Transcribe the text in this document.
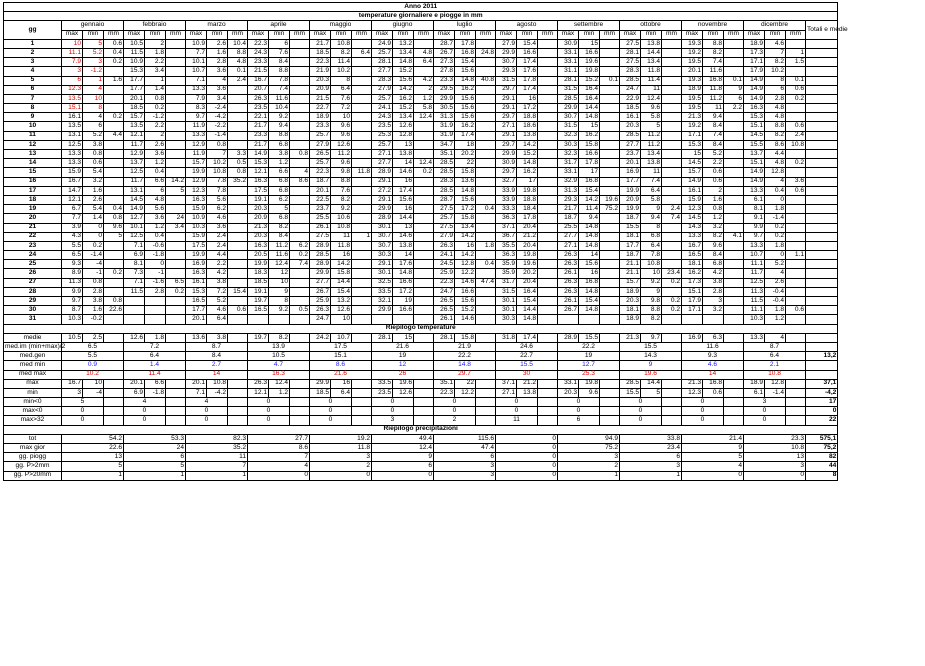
Anno 2011																																					
temperature giornaliere e piogge in mm																																					
gg	gennaio			febbraio			marzo			aprile			maggio			giugno			luglio			agosto			settembre			ottobre			novembre			dicembre			Totali e medie
	max	min	mm	max	min	mm	max	min	mm	max	min	mm	max	min	mm	max	min	mm	max	min	mm	max	min	mm	max	min	mm	max	min	mm	max	min	mm	max	min	mm	
1	10	5	0.6	10.5	2		10.9	2.6	10.4	22.3	6		21.7	10.8		24.9	13.2		28.7	17.8		27.9	15.4		30.9	15		27.5	13.8		19.3	8.8		18.9	4.6		
2	11.1	5.2	0.4	11.5	1.8		7.7	1.6	8.8	24.3	7.6		18.5	8.2	6.4	25.7	13.4	4.8	26.7	16.8	24.8	29.9	16.6		33.1	16.6		28.1	14.4		19.2	8.2		17.3	7	1	
3	7.9	3	0.2	10.9	2.2		10.1	2.8	4.8	23.3	8.4		22.3	11.4		28.1	14.8	6.4	27.3	15.4		30.7	17.4		33.1	19.6		27.5	13.4		19.5	7.4		17.1	8.2	1.5	
4	3	-1.2		15.3	3.4		10.7	3.6	0.1	21.5	8.8		21.9	10.2		27.7	15.2		27.8	15.6		29.3	17.6		31.1	19.8		28.3	11.8		20.1	11.6		17.9	10.2		
5	6	1	1.6	17.7	1		7.1	4	2.4	16.7	7.8		20.3	8		28.3	15.6	4.2	23.3	14.8	40.8	31.5	17.8		28.1	15.2	0.1	28.5	11.4		19.3	16.8	0.1	14.9	8	0.1	
6	12.3	4		17.7	1.4		13.3	3.6		20.7	7.4		20.9	6.4		27.9	14.2	2	29.5	16.2		29.7	17.4		31.5	16.4		24.7	11		18.9	11.8	9	14.9	6	0.6	
7	13.5	10		20.1	0.8		7.9	3.4		26.3	11.6		21.5	7.6		25.7	16.2	1.2	29.9	15.6		29.1	16		28.5	16.4		22.9	12.4		19.5	11.2	6	14.9	2.8	0.2	
8	15.1	8		18.5	0.2		8.3	-2.4		23.5	10.4		22.7	7.2		24.1	15.2	5.8	30.5	15.6		29.1	17.2		29.9	14.4		18.5	9.6		19.5	11	2.2	16.3	4.8		
9	16.1	4	0.2	15.7	-1.2		9.7	-4.2		22.1	9.2		18.9	10		24.3	13.4	12.4	31.3	15.6		29.7	18.8		30.7	14.8		16.1	5.8		21.3	9.4		15.3	4.8		
10	13.5	6		13.5	2.2		11.9	-2.2		21.7	9.4		23.3	9.6		23.5	12.6		31.9	16.2		27.1	18.6		31.5	15		20.3	5		19.2	8.4		15.1	8.8	0.6	
11	13.1	5.2	4.4	12.1	2		13.3	-1.4		23.3	8.8		25.7	9.6		25.3	12.8		31.9	17.4		29.1	13.8		32.3	16.2		28.5	11.2		17.1	7.4		14.5	8.2	2.4	
12	12.5	3.8		11.7	2.6		12.9	0.8		21.7	6.8		27.9	12.6		25.7	13		34.7	18		29.7	14.2		30.3	15.8		27.7	11.2		15.3	8.4		15.5	8.6	10.8	
13	13.3	0.8		12.9	3.6		11.9	7	3.3	14.9	3.8	0.8	26.5	11.2		27.1	13.8		35.1	20.2		29.9	15.2		32.3	16.6		23.7	13.4		15	5.2		13.7	4.4		
14	13.3	0.6		13.7	1.2		15.7	10.2	0.5	15.3	1.2		25.7	9.6		27.7	14	12.4	28.5	22		30.9	14.8		31.7	17.8		20.1	13.8		14.5	2.2		15.1	4.8	0.2	
15	15.9	5.4		12.5	0.4		19.9	10.8	0.8	12.1	6.6	4	22.3	9.8	11.8	28.9	14.6	0.2	28.5	15.8		29.7	16.2		33.1	17		16.9	11		15.7	0.6		14.9	12.8		
16	16.7	3.2		11.7	6.6	14.2	12.9	7.8	35.2	16.3	6.8	8.6	18.7	8.8		29.1	16		28.3	13.6		32.7	17		32.9	16.8		17.7	7.4		14.9	0.6		14.9	4	3.6	
17	14.7	1.6		13.1	6	5	12.3	7.8		17.5	6.8		20.1	7.6		27.2	17.4		28.5	14.8		33.9	19.8		31.3	15.4		19.9	6.4		16.1	2		13.3	0.4	0.6	
18	12.1	2.6		14.5	4.8		16.3	5.6		19.1	6.2		22.5	8.2		29.1	15.6		28.7	15.6		33.9	18.8		29.3	14.2	19.6	20.9	5.8		15.9	1.6		6.1	0		
19	6.7	5.4	0.4	14.9	5.6		15.9	6.2		20.3	5		23.7	9.2		29.9	16		27.5	17.2	0.4	33.3	18.4		21.7	11.4	75.2	19.9	9	2.4	12.3	0.8		8.1	1.8		
20	7.7	1.4	0.8	12.7	3.6	24	10.9	4.6		20.9	6.8		25.5	10.6		28.9	14.4		25.7	15.8		36.3	17.8		18.7	9.4		18.7	9.4	7.4	14.5	1.2		9.1	-1.4		
21	3.9	0	9.6	10.1	1.2	3.4	10.3	3.6		21.3	8.2		26.1	10.8		30.1	13		27.5	13.4		37.1	20.4		25.5	14.8		15.5	8		14.3	3.2		9.9	0.2		
22	4.3	0	5	12.5	0.4		15.9	2.4		20.3	8.4		27.5	11	1	30.7	14.6		27.9	14.2		36.7	21.2		27.7	14.8		18.1	6.8		13.3	8.2	4.1	9.7	0.2		
23	5.5	0.2		7.1	-0.6		17.5	2.4		16.3	11.2	6.2	28.9	11.8		30.7	13.8		26.3	16	1.8	35.5	20.4		27.1	14.8		17.7	6.4		16.7	9.6		13.3	1.8		
24	6.5	-1.4		6.9	-1.8		19.9	4.4		20.5	11.6	0.2	28.5	16		30.3	14		24.1	14.2		36.3	19.8		26.3	14		18.7	7.8		16.5	8.4		10.7	0	1.1	
25	9.3	-4		8.1	0		16.9	2.2		19.9	12.4	7.4	28.9	14.2		29.1	17.6		24.5	12.8	0.4	35.9	19.6		26.3	15.6		21.1	10.8		18.1	6.8		11.1	5.2		
26	8.9	-1	0.2	7.3	-1		16.3	4.2		18.3	12		29.9	15.8		30.1	14.8		25.9	12.2		35.9	20.2		26.1	16		21.1	10	23.4	16.2	4.2		11.7	4		
27	11.3	0.8		7.1	-1.6	6.5	16.1	3.8		18.5	10		27.7	14.4		32.5	16.6		22.3	14.6	47.4	31.7	20.4		26.3	16.8		15.7	9.2	0.2	17.3	3.8		12.5	2.6		
28	9.9	2.8		11.5	2.8	0.2	15.3	7.2	15.4	19.1	9		26.7	15.4		33.5	17.2		24.7	16.6		31.5	16.4		26.3	14.8		18.9	9		15.1	2.8		11.3	-0.4		
29	9.7	3.8	0.8				16.5	5.2		19.7	8		25.9	13.2		32.1	19		26.5	15.6		30.1	15.4		26.1	15.4		20.3	9.8	0.2	17.9	3		11.5	-0.4		
30	8.7	1.6	22.6				17.7	4.6	0.6	16.5	9.2	0.5	26.3	12.6		29.9	16.6		26.5	15.2		30.1	14.4		26.7	14.8		18.1	8.8	0.2	17.1	3.2		11.1	1.8	0.6	
31	10.3	-0.2					20.1	6.4					24.7	10					26.1	14.6		30.3	14.8					18.9	8.2					10.3	1.2		
Riepilogo temperature																																					
medie	10.5	2.5		12.6	1.8		13.6	3.8		19.7	8.2		24.2	10.7		28.1	15		28.1	15.8		31.8	17.4		28.9	15.5		21.3	9.7		16.9	6.3		13.3	4		
med.im (min+max)/2	6.5			7.2			8.7			13.9			17.5			21.6			21.9			24.6			22.2			15.5			11.6			8.7			
med.gen	5.5			6.4			8.4			10.5			15.1			19			22.2			22.7			19			14.3			9.3			6.4			13,2
med min	0.9			1.4			2.7			4.7			8.6			12			14.8			15.5			12.7			9			4.6			2.1			
med max	10.2			11.4			14			16.3			21.6			26			29.7			30			25.3			19.6			14			10.8			
max	16.7	10		20.1	6.6		20.1	10.8		26.3	12.4		29.9	16		33.5	19.6		35.1	22		37.1	21.2		33.1	19.8		28.5	14.4		21.3	16.8		18.9	12.8		37,1
min	3	-4		6.9	-1.8		7.1	-4.2		12.1	1.2		18.5	6.4		23.5	12.6		22.3	12.2		27.1	13.8		20.3	9.6		15.5	5		12.3	0.6		6.1	-1.4		-4,2
min<0	5			4			4			0			0			0			0			0			0			0			0			3			17
max<0	0			0			0			0			0			0			0			0			0			0			0			0			0
max>32	0			0			0			0			0			3			2			11			6			0			0			0			22
Riepilogo precipitazioni																																					
tot	54.2			53.3			82.3			27.7			19.2			49.4			115.6			0			94.9			33.8			21.4			23.3			575,1
max gior	22.6			24			35.2			8.6			11.8			12.4			47.4			0			75.2			23.4			9			10.8			75,2
gg. piogg	13			6			11			7			3			9			6			0			3			6			5			13			82
gg. P>2mm	5			5			7			4			2			6			3			0			2			3			4			3			44
gg. P>20mm	1			1			1			0			0			0			3			0			1			1			0			0			8
